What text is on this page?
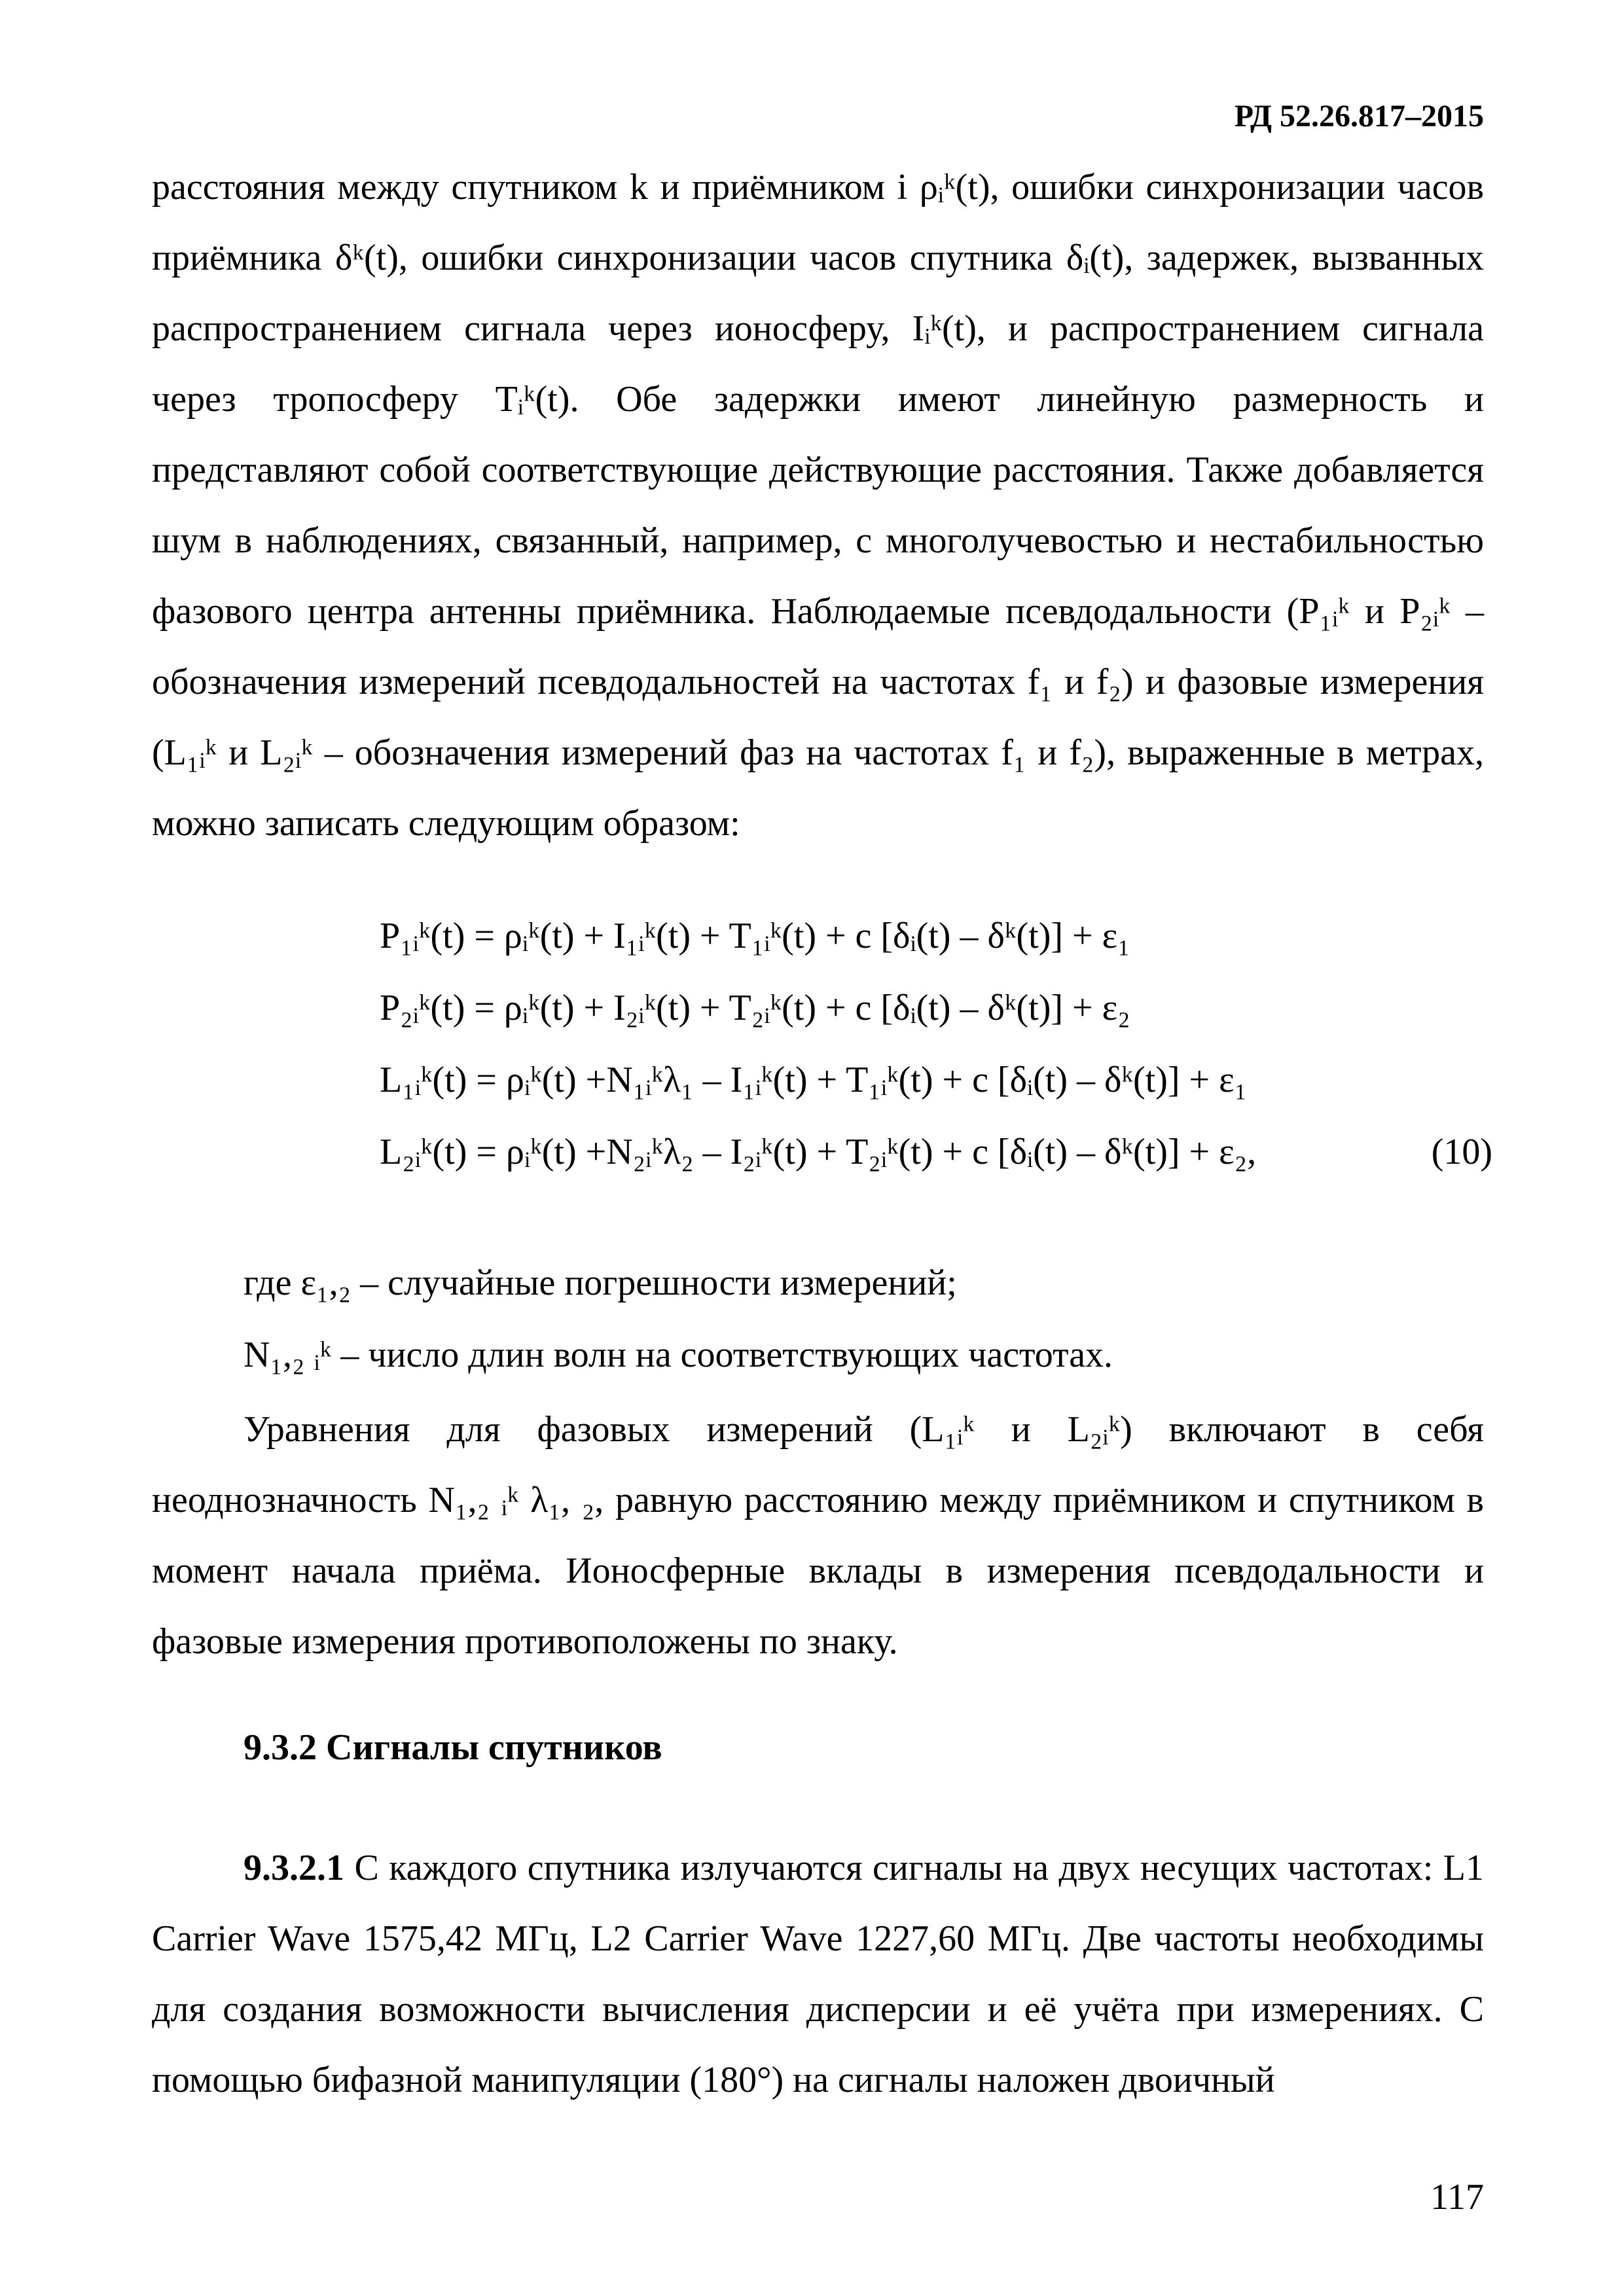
РД 52.26.817–2015

расстояния между спутником k и приёмником i ρᵢᵏ(t), ошибки синхронизации часов приёмника δᵏ(t), ошибки синхронизации часов спутника δᵢ(t), задержек, вызванных распространением сигнала через ионосферу, Iᵢᵏ(t), и распространением сигнала через тропосферу Tᵢᵏ(t). Обе задержки имеют линейную размерность и представляют собой соответствующие действующие расстояния. Также добавляется шум в наблюдениях, связанный, например, с многолучевостью и нестабильностью фазового центра антенны приёмника. Наблюдаемые псевдодальности (P₁ᵢᵏ и P₂ᵢᵏ – обозначения измерений псевдодальностей на частотах f₁ и f₂) и фазовые измерения (L₁ᵢᵏ и L₂ᵢᵏ – обозначения измерений фаз на частотах f₁ и f₂), выраженные в метрах, можно записать следующим образом:

P₁ᵢᵏ(t) = ρᵢᵏ(t) + I₁ᵢᵏ(t) + T₁ᵢᵏ(t) + c [δᵢ(t) – δᵏ(t)] + ε₁
P₂ᵢᵏ(t) = ρᵢᵏ(t) + I₂ᵢᵏ(t) + T₂ᵢᵏ(t) + c [δᵢ(t) – δᵏ(t)] + ε₂
L₁ᵢᵏ(t) = ρᵢᵏ(t) +N₁ᵢᵏλ₁ – I₁ᵢᵏ(t) + T₁ᵢᵏ(t) + c [δᵢ(t) – δᵏ(t)] + ε₁
L₂ᵢᵏ(t) = ρᵢᵏ(t) +N₂ᵢᵏλ₂ – I₂ᵢᵏ(t) + T₂ᵢᵏ(t) + c [δᵢ(t) – δᵏ(t)] + ε₂,	(10)
где ε₁,₂ – случайные погрешности измерений;
N₁,₂ ᵢᵏ – число длин волн на соответствующих частотах.

Уравнения для фазовых измерений (L₁ᵢᵏ и L₂ᵢᵏ) включают в себя неоднозначность N₁,₂ ᵢᵏ λ₁, ₂, равную расстоянию между приёмником и спутником в момент начала приёма. Ионосферные вклады в измерения псевдодальности и фазовые измерения противоположены по знаку.

9.3.2 Сигналы спутников

9.3.2.1 С каждого спутника излучаются сигналы на двух несущих частотах: L1 Carrier Wave 1575,42 МГц, L2 Carrier Wave 1227,60 МГц. Две частоты необходимы для создания возможности вычисления дисперсии и её учёта при измерениях. С помощью бифазной манипуляции (180°) на сигналы наложен двоичный

117
